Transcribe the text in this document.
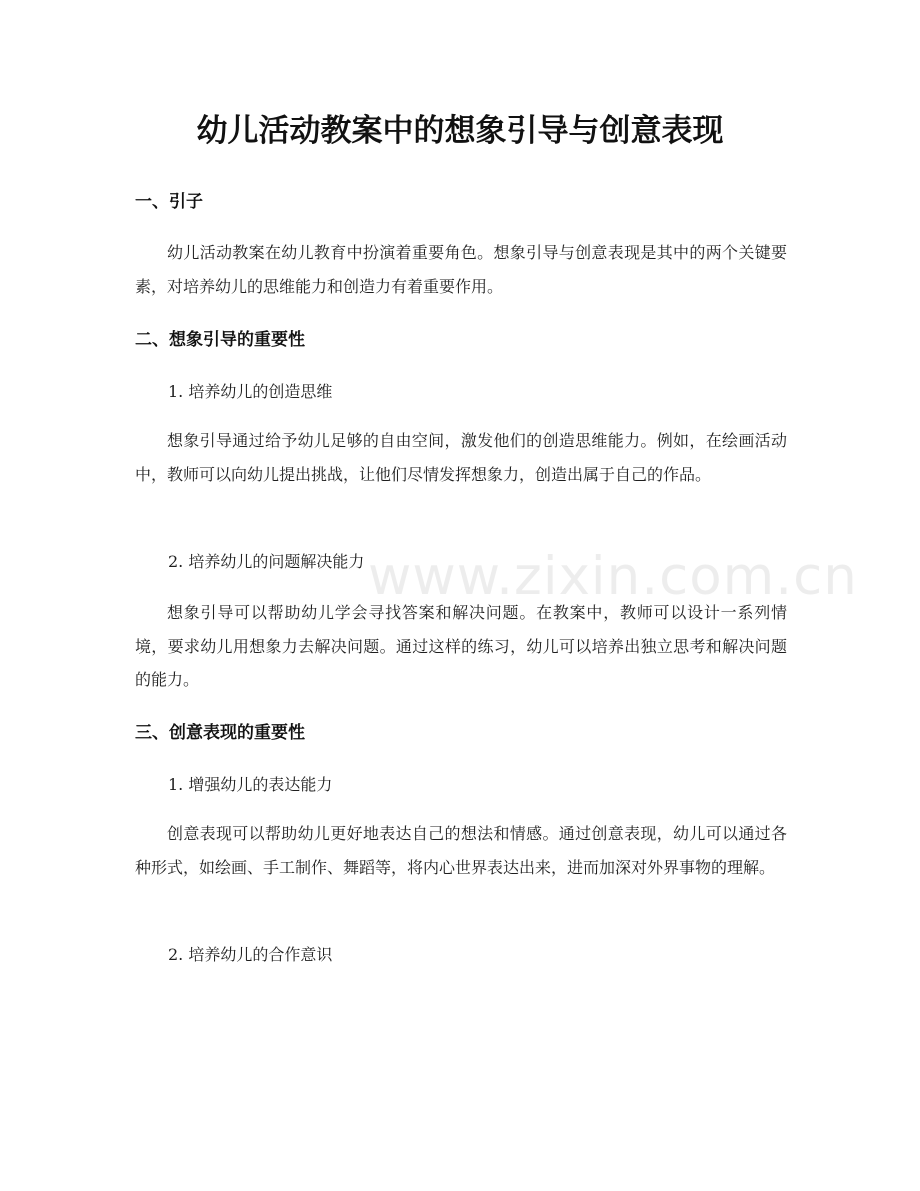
幼儿活动教案中的想象引导与创意表现
一、引子

幼儿活动教案在幼儿教育中扮演着重要角色。想象引导与创意表现是其中的两个关键要素，对培养幼儿的思维能力和创造力有着重要作用。

二、想象引导的重要性
1. 培养幼儿的创造思维

想象引导通过给予幼儿足够的自由空间，激发他们的创造思维能力。例如，在绘画活动中，教师可以向幼儿提出挑战，让他们尽情发挥想象力，创造出属于自己的作品。

2. 培养幼儿的问题解决能力

想象引导可以帮助幼儿学会寻找答案和解决问题。在教案中，教师可以设计一系列情境，要求幼儿用想象力去解决问题。通过这样的练习，幼儿可以培养出独立思考和解决问题的能力。

三、创意表现的重要性
1. 增强幼儿的表达能力

创意表现可以帮助幼儿更好地表达自己的想法和情感。通过创意表现，幼儿可以通过各种形式，如绘画、手工制作、舞蹈等，将内心世界表达出来，进而加深对外界事物的理解。

2. 培养幼儿的合作意识
www.zixin.com.cn
